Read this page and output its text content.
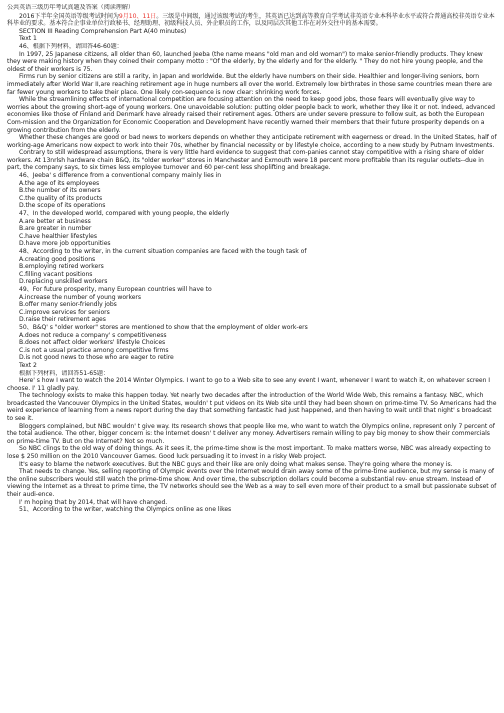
公共英语三级历年考试真题及答案（阅读理解）
2016下半年全国英语等级考试时间为9月10、11日。三级是中间级，通过该级考试的考生，其英语已达到高等教育自学考试非英语专业本科毕业水平或符合普通高校非英语专业本科毕业的要求。基本符合企事业单位行政秘书、经理助理、初级科技人员、外企职员的工作，以及同层次其他工作在对外交往中的基本需要。
SECTION III Reading Comprehension Part A(40 minutes)
Text 1
46、根据下列材料，请回答46-60题：
In 1997, 25 Japanese citizens, all older than 60, launched Jeeba (the name means "old man and old woman") to make senior-friendly products. They knew they were making history when they coined their company motto : "Of the elderly, by the elderly and for the elderly. " They do not hire young people, and the oldest of their workers is 75.
Firms run by senior citizens are still a rarity, in Japan and worldwide. But the elderly have numbers on their side. Healthier and longer-living seniors, born immediately after World War II,are reaching retirement age in huge numbers all over the world. Extremely low birthrates in those same countries mean there are far fewer young workers to take their place. One likely con-sequence is now clear: shrinking work forces.
While the streamlining effects of international competition are focusing attention on the need to keep good jobs, those fears will eventually give way to worries about the growing short-age of young workers. One unavoidable solution: putting older people back to work, whether they like it or not. Indeed, advanced economies like those of Finland and Denmark have already raised their retirement ages. Others are under severe pressure to follow suit, as both the European Com-mission and the Organization for Economic Cooperation and Development have recently warned their members that their future prosperity depends on a growing contribution from the elderly.
Whether these changes are good or bad news to workers depends on whether they anticipate retirement with eagerness or dread. In the United States, half of working-age Americans now expect to work into their 70s, whether by financial necessity or by lifestyle choice, according to a new study by Putnam Investments.
Contrary to still widespread assumptions, there is very little hard evidence to suggest that com-panies cannot stay competitive with a rising share of older workers. At 13nrlsh hardware chain B&Q, its "older worker" stores in Manchester and Exmouth were 18 percent more profitable than its regular outlets--due in part, the company says, to six times less employee turnover and 60 per-cent less shoplifting and breakage.
46、Jeeba' s difference from a conventional company mainly lies in
A.the age of its employees
B.the number of its owners
C.the quality of its products
D.the scope of its operations
47、In the developed world, compared with young people, the elderly
A.are better at business
B.are greater in number
C.have healthier lifestyles
D.have more job opportunities
48、According to the writer, in the current situation companies are faced with the tough task of
A.creating good positions
B.employing retired workers
C.filling vacant positions
D.replacing unskilled workers
49、For future prosperity, many European countries will have to
A.increase the number of young workers
B.offer many senior-friendly jobs
C.improve services for seniors
D.raise their retirement ages
50、B&Q' s "older worker" stores are mentioned to show that the employment of older work-ers
A.does not reduce a company' s competitiveness
B.does not affect older workers' lifestyle Choices
C.is not a usual practice among competitive firms
D.is not good news to those who are eager to retire
Text 2
根据下列材料，请回答51-65题：
Here' s how I want to watch the 2014 Winter Olympics. I want to go to a Web site to see any event I want, whenever I want to watch it, on whatever screen I choose. I' 11 gladly pay.
The technology exists to make this happen today. Yet nearly two decades after the introduction of the World Wide Web, this remains a fantasy. NBC, which broadcasted the Vancouver Olympics in the United States, wouldn' t put videos on its Web site until they had been shown on prime-time TV. So Americans had the weird experience of learning from a news report during the day that something fantastic had just happened, and then having to wait until that night' s broadcast to see it.
Bloggers complained, but NBC wouldn' t give way. Its research shows that people like me, who want to watch the Olympics online, represent only 7 percent of the total audience. The other, bigger concern is: the Internet doesn' t deliver any money. Advertisers remain willing to pay big money to show their commercials on prime-time TV. But on the Internet? Not so much.
So NBC clings to the old way of doing things. As it sees it, the prime-time show is the most important. To make matters worse, NBC was already expecting to lose $ 250 million on the 2010 Vancouver Games. Good luck persuading it to invest in a risky Web project.
It's easy to blame the network executives. But the NBC guys and their like are only doing what makes sense. They're going where the money is.
That needs to change. Yes, selling reporting of Olympic events over the Internet would drain away some of the prime-time audience, but my sense is many of the online subscribers would still watch the prime-time show. And over time, the subscription dollars could become a substantial rev- enue stream. Instead of viewing the Internet as a threat to prime time, the TV networks should see the Web as a way to sell even more of their product to a small but passionate subset of their audi-ence.
I' m hoping that by 2014, that will have changed.
51、According to the writer, watching the Olympics online as one likes
